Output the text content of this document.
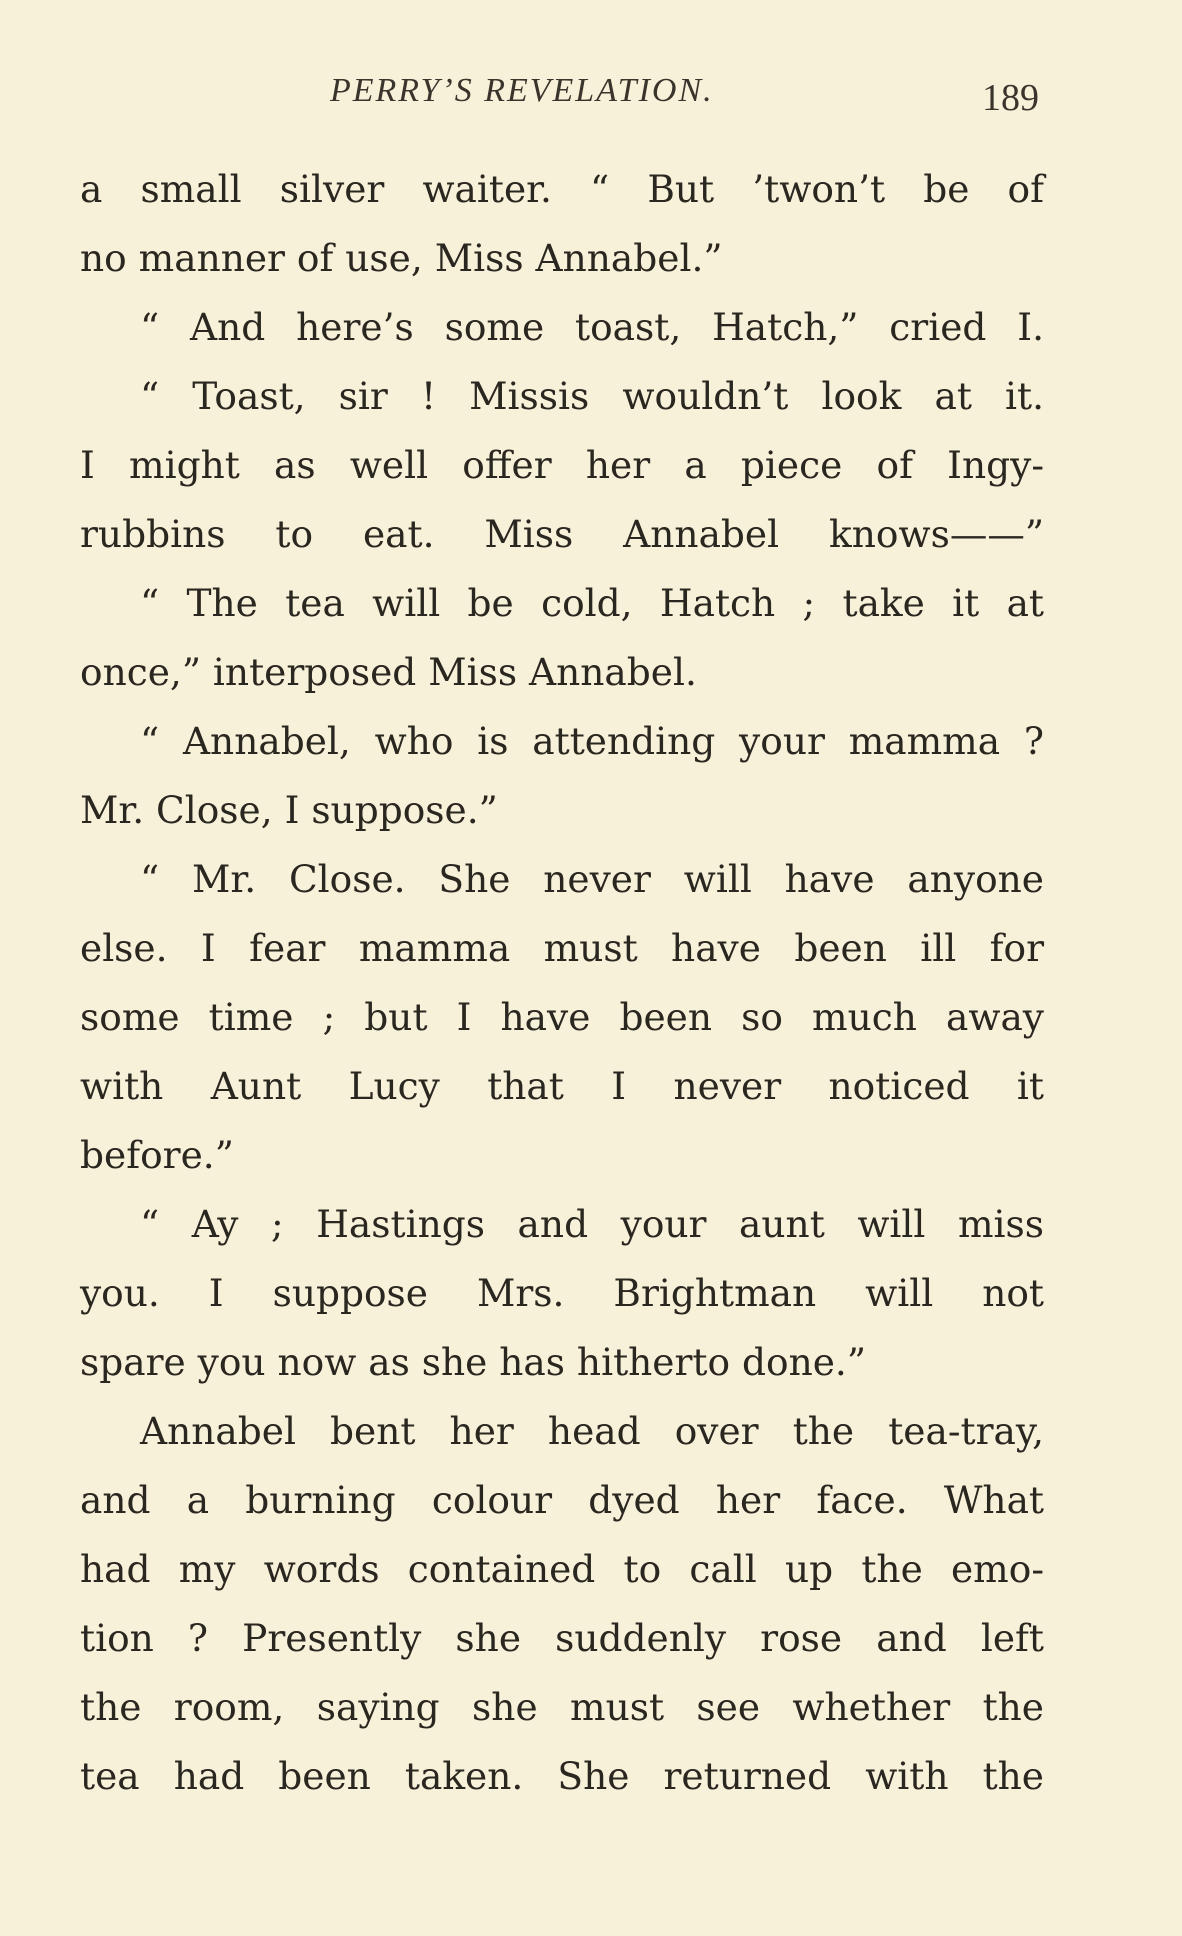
PERRY’S REVELATION.	189
a small silver waiter. “ But ’twon’t be of
no manner of use, Miss Annabel.”
“ And here’s some toast, Hatch,” cried I.
“ Toast, sir ! Missis wouldn’t look at it.
I might as well offer her a piece of Ingy-
rubbins to eat. Miss Annabel knows——”
“ The tea will be cold, Hatch ; take it at
once,” interposed Miss Annabel.
“ Annabel, who is attending your mamma ?
Mr. Close, I suppose.”
“ Mr. Close. She never will have anyone
else. I fear mamma must have been ill for
some time ; but I have been so much away
with Aunt Lucy that I never noticed it
before.”
“ Ay ; Hastings and your aunt will miss
you. I suppose Mrs. Brightman will not
spare you now as she has hitherto done.”
Annabel bent her head over the tea-tray,
and a burning colour dyed her face. What
had my words contained to call up the emo-
tion ? Presently she suddenly rose and left
the room, saying she must see whether the
tea had been taken. She returned with the
